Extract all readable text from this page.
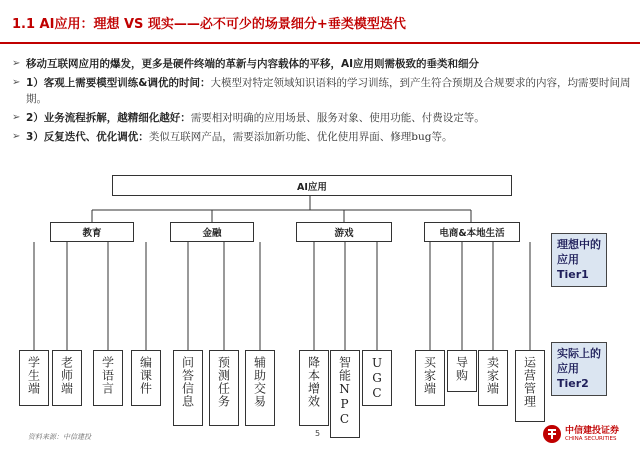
1.1 AI应用：理想 VS 现实——必不可少的场景细分+垂类模型迭代
➢ 移动互联网应用的爆发，更多是硬件终端的革新与内容载体的平移，AI应用则需极致的垂类和细分
➢ 1）客观上需要模型训练&调优的时间：大模型对特定领域知识语料的学习训练，到产生符合预期及合规要求的内容，均需要时间周期。
➢ 2）业务流程拆解，越精细化越好：需要相对明确的应用场景、服务对象、使用功能、付费设定等。
➢ 3）反复迭代、优化调优：类似互联网产品，需要添加新功能、优化使用界面、修理bug等。
AI应用
教育	金融	游戏	电商&本地生活
理想中的应用Tier1
实际上的应用Tier2
学生端	老师端	学语言	编课件	问答信息	预测任务	辅助交易	降本增效	智能NPC	UGC	买家端	导购	卖家端	运营管理
资料来源：中信建投	5	中信建投证券
CHINA SECURITIES
